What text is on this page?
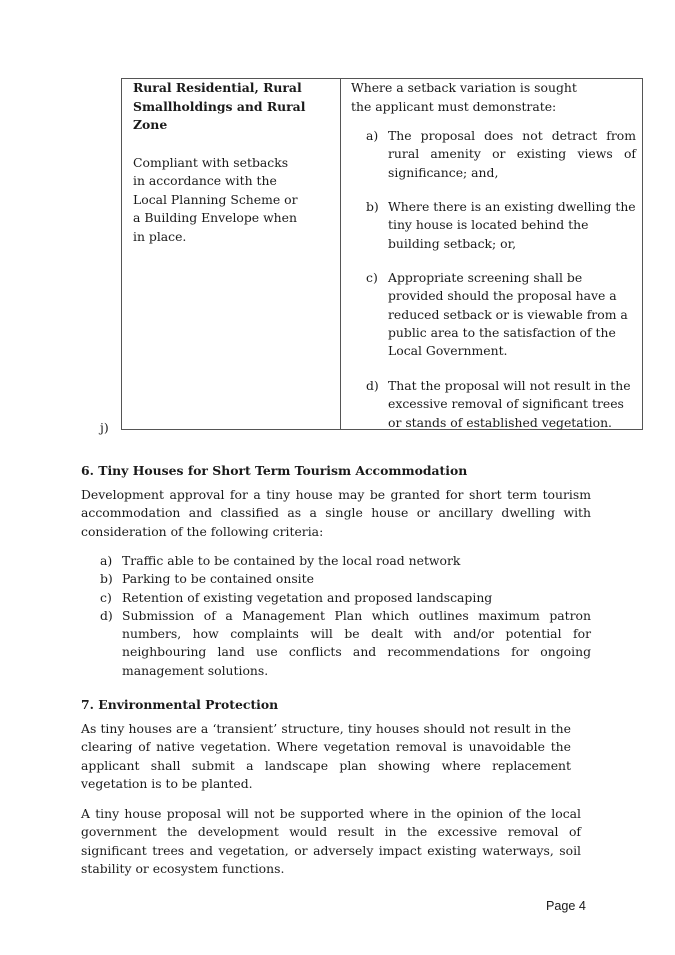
Rural Residential, Rural Smallholdings and Rural Zone
Compliant with setbacks in accordance with the Local Planning Scheme or a Building Envelope when in place.
Where a setback variation is sought the applicant must demonstrate:
a) The proposal does not detract from rural amenity or existing views of significance; and,
b) Where there is an existing dwelling the tiny house is located behind the building setback; or,
c) Appropriate screening shall be provided should the proposal have a reduced setback or is viewable from a public area to the satisfaction of the Local Government.
d) That the proposal will not result in the excessive removal of significant trees or stands of established vegetation.
j)
6. Tiny Houses for Short Term Tourism Accommodation
Development approval for a tiny house may be granted for short term tourism accommodation and classified as a single house or ancillary dwelling with consideration of the following criteria:
a) Traffic able to be contained by the local road network
b) Parking to be contained onsite
c) Retention of existing vegetation and proposed landscaping
d) Submission of a Management Plan which outlines maximum patron numbers, how complaints will be dealt with and/or potential for neighbouring land use conflicts and recommendations for ongoing management solutions.
7. Environmental Protection
As tiny houses are a ‘transient’ structure, tiny houses should not result in the clearing of native vegetation. Where vegetation removal is unavoidable the applicant shall submit a landscape plan showing where replacement vegetation is to be planted.
A tiny house proposal will not be supported where in the opinion of the local government the development would result in the excessive removal of significant trees and vegetation, or adversely impact existing waterways, soil stability or ecosystem functions.
Page 4
